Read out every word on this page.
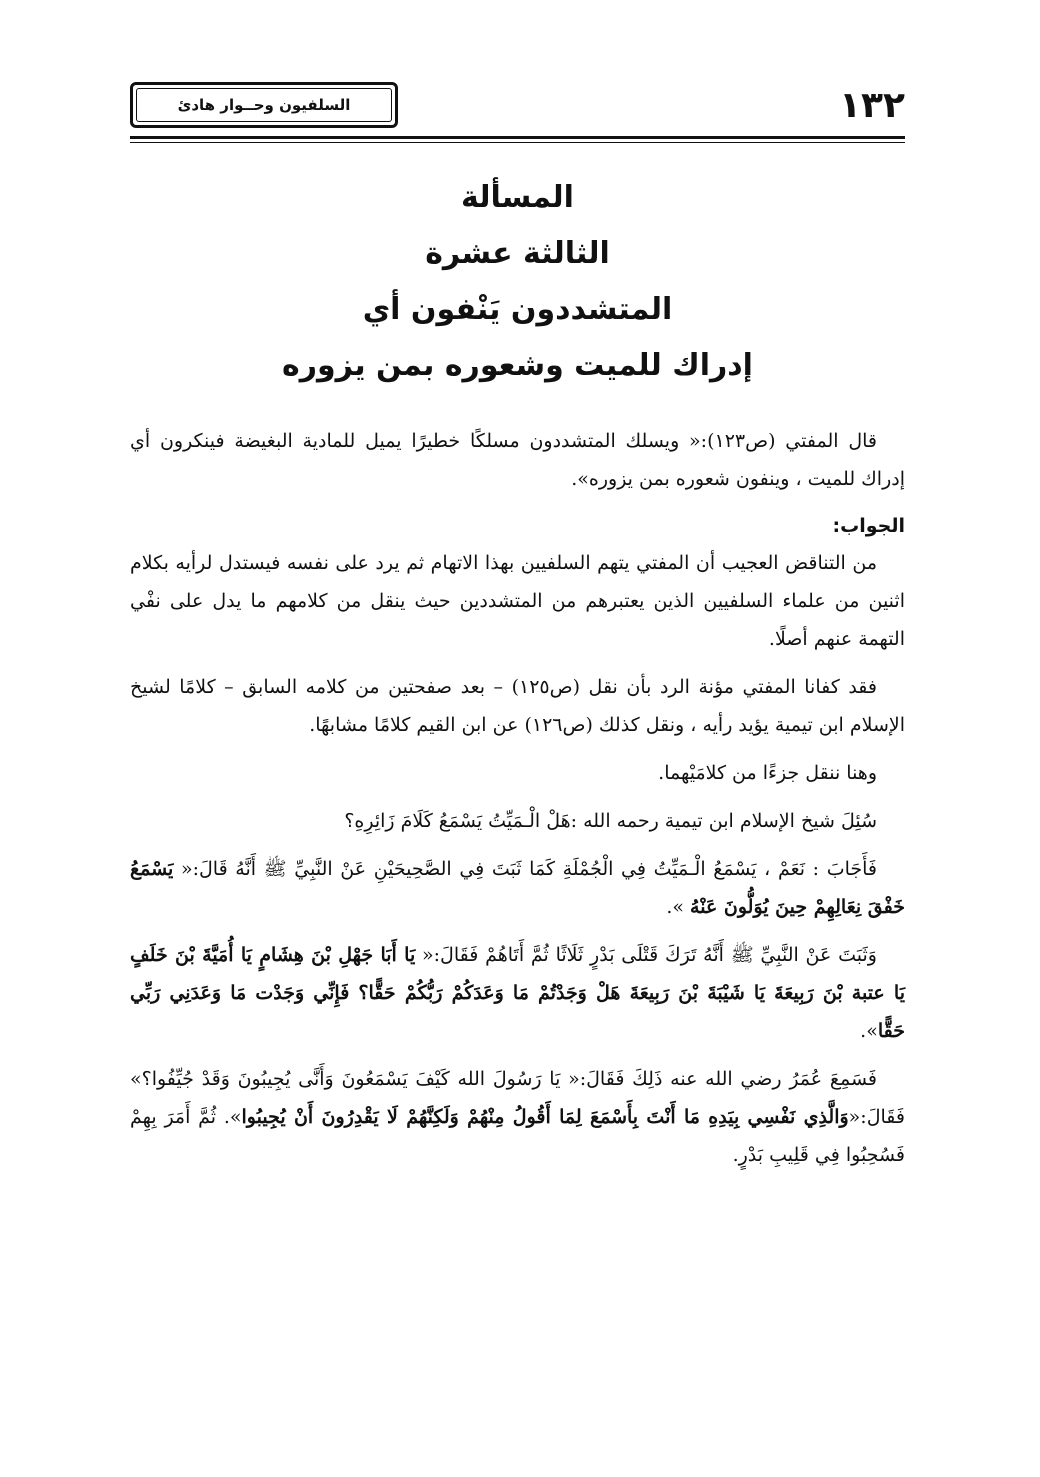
١٣٢
السلفيون وحــوار هادئ

المسألة

الثالثة عشرة

المتشددون يَنْفون أي

إدراك للميت وشعوره بمن يزوره

قال المفتي (ص١٢٣):« ويسلك المتشددون مسلكًا خطيرًا يميل للمادية البغيضة فينكرون أي إدراك للميت ، وينفون شعوره بمن يزوره».

الجواب:

من التناقض العجيب أن المفتي يتهم السلفيين بهذا الاتهام ثم يرد على نفسه فيستدل لرأيه بكلام اثنين من علماء السلفيين الذين يعتبرهم من المتشددين حيث ينقل من كلامهم ما يدل على نفْي التهمة عنهم أصلًا.

فقد كفانا المفتي مؤنة الرد بأن نقل (ص١٢٥) – بعد صفحتين من كلامه السابق – كلامًا لشيخ الإسلام ابن تيمية يؤيد رأيه ، ونقل كذلك (ص١٢٦) عن ابن القيم كلامًا مشابهًا.

وهنا ننقل جزءًا من كلامَيْهما.

سُئِلَ شيخ الإسلام ابن تيمية رحمه الله :هَلْ الْـمَيِّتُ يَسْمَعُ كَلَامَ زَائِرِهِ؟

فَأَجَابَ : نَعَمْ ، يَسْمَعُ الْـمَيِّتُ فِي الْجُمْلَةِ كَمَا ثَبَتَ فِي الصَّحِيحَيْنِ عَنْ النَّبِيِّ ﷺ أَنَّهُ قَالَ:« يَسْمَعُ خَفْقَ نِعَالِهِمْ حِينَ يُوَلُّونَ عَنْهُ ».

وَثَبَتَ عَنْ النَّبِيِّ ﷺ أَنَّهُ تَرَكَ قَتْلَى بَدْرٍ ثَلَاثًا ثُمَّ أَتَاهُمْ فَقَالَ:« يَا أَبَا جَهْلِ بْنَ هِشَامٍ يَا أُمَيَّةَ بْنَ خَلَفٍ يَا عتبة بْنَ رَبِيعَةَ يَا شَيْبَةَ بْنَ رَبِيعَةَ هَلْ وَجَدْتُمْ مَا وَعَدَكُمْ رَبُّكُمْ حَقًّا؟ فَإِنِّي وَجَدْت مَا وَعَدَنِي رَبِّي حَقًّا».

فَسَمِعَ عُمَرُ رضي الله عنه ذَلِكَ فَقَالَ:« يَا رَسُولَ الله كَيْفَ يَسْمَعُونَ وَأَنَّى يُجِيبُونَ وَقَدْ جُيِّفُوا؟» فَقَالَ:«وَالَّذِي نَفْسِي بِيَدِهِ مَا أَنْتَ بِأَسْمَعَ لِمَا أَقُولُ مِنْهُمْ وَلَكِنَّهُمْ لَا يَقْدِرُونَ أَنْ يُجِيبُوا». ثُمَّ أَمَرَ بِهِمْ فَسُحِبُوا فِي قَلِيبِ بَدْرٍ.
